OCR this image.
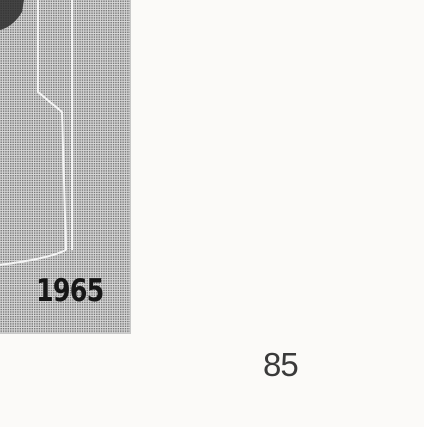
1965
85
